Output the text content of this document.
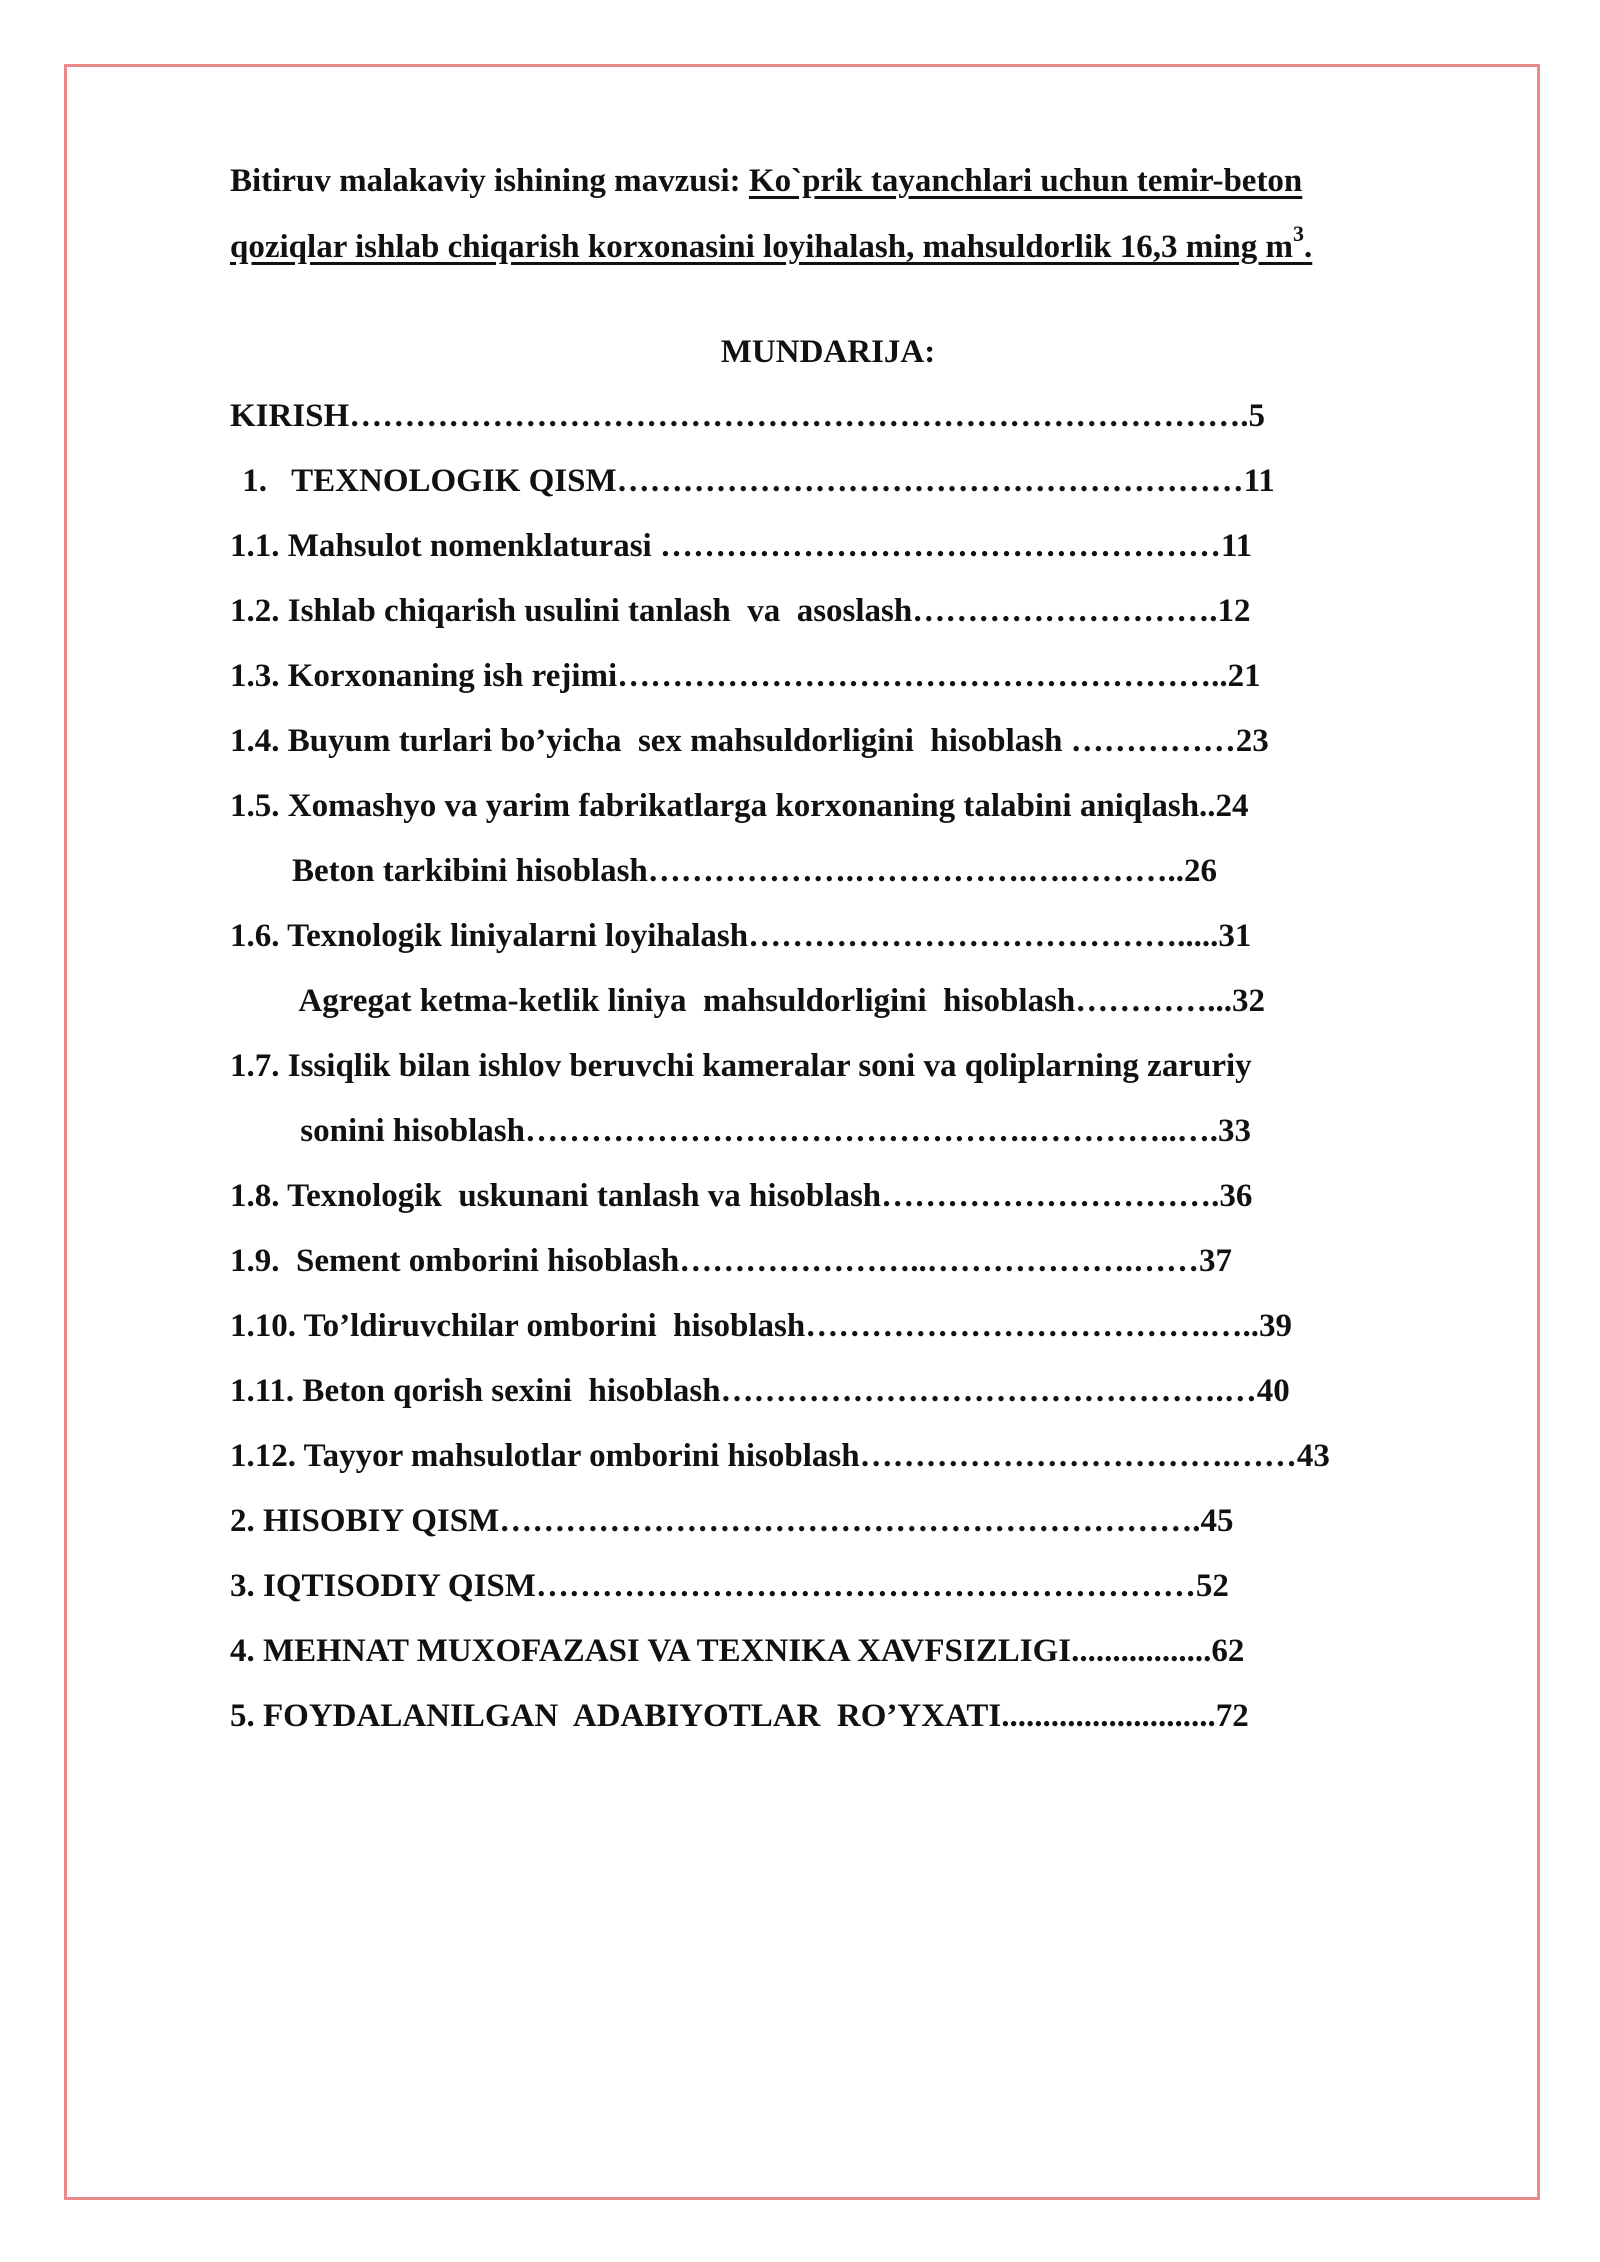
Bitiruv malakaviy ishining mavzusi: Ko`prik tayanchlari uchun temir-beton
qoziqlar ishlab chiqarish korxonasini loyihalash, mahsuldorlik 16,3 ming $m^3$.
MUNDARIJA:
KIRISH……………………………………………………………………….5
1.   TEXNOLOGIK QISM…………………………………………………11
1.1. Mahsulot nomenklaturasi ……………………………………………11
1.2. Ishlab chiqarish usulini tanlash  va  asoslash……………………….12
1.3. Korxonaning ish rejimi………………………………………………..21
1.4. Buyum turlari bo’yicha  sex mahsuldorligini  hisoblash ……………23
1.5. Xomashyo va yarim fabrikatlarga korxonaning talabini aniqlash..24
Beton tarkibini hisoblash……………….…………….….………..26
1.6. Texnologik liniyalarni loyihalash………………………………….....31
Agregat ketma-ketlik liniya  mahsuldorligini  hisoblash…………...32
1.7. Issiqlik bilan ishlov beruvchi kameralar soni va qoliplarning zaruriy
sonini hisoblash……………………………………….…………..….33
1.8. Texnologik  uskunani tanlash va hisoblash………………………….36
1.9.  Sement omborini hisoblash…………………..……………….……37
1.10. To’ldiruvchilar omborini  hisoblash……………………………….…..39
1.11. Beton qorish sexini  hisoblash……………………………………….…40
1.12. Tayyor mahsulotlar omborini hisoblash…………………………….……43
2. HISOBIY QISM……………………………………………………….45
3. IQTISODIY QISM……………………………………………………52
4. MEHNAT MUXOFAZASI VA TEXNIKA XAVFSIZLIGI.................62
5. FOYDALANILGAN  ADABIYOTLAR  RO’YXATI..........................72
